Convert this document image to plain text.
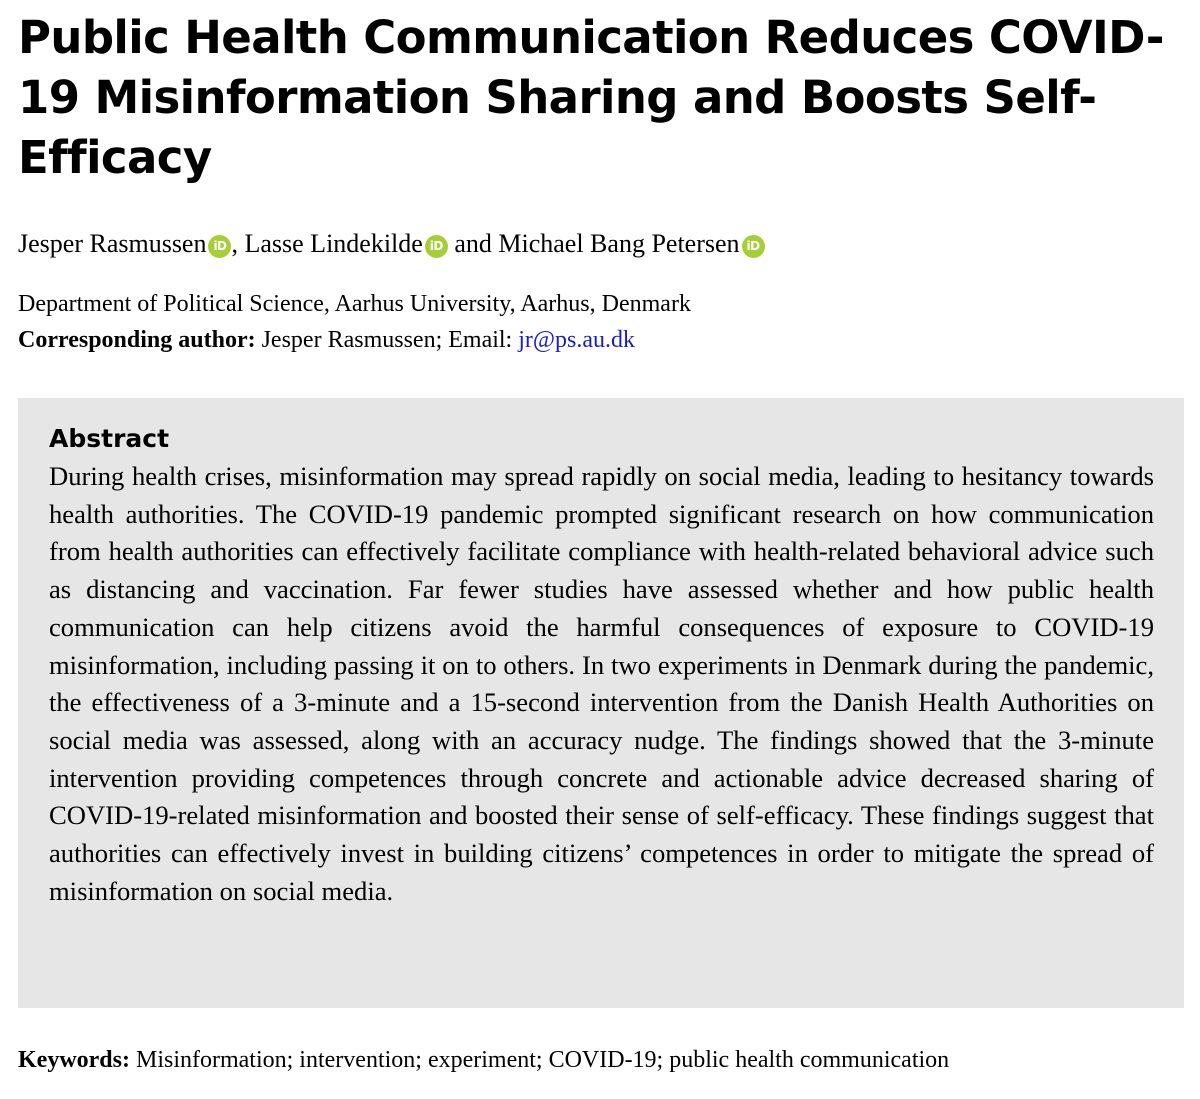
Public Health Communication Reduces COVID-19 Misinformation Sharing and Boosts Self-Efficacy
Jesper Rasmussen iD , Lasse Lindekilde iD and Michael Bang Petersen iD
Department of Political Science, Aarhus University, Aarhus, Denmark
Corresponding author: Jesper Rasmussen; Email: jr@ps.au.dk
Abstract

During health crises, misinformation may spread rapidly on social media, leading to hesitancy towards health authorities. The COVID-19 pandemic prompted significant research on how communication from health authorities can effectively facilitate compliance with health-related behavioral advice such as distancing and vaccination. Far fewer studies have assessed whether and how public health communication can help citizens avoid the harmful consequences of exposure to COVID-19 misinformation, including passing it on to others. In two experiments in Denmark during the pandemic, the effectiveness of a 3-minute and a 15-second intervention from the Danish Health Authorities on social media was assessed, along with an accuracy nudge. The findings showed that the 3-minute intervention providing competences through concrete and actionable advice decreased sharing of COVID-19-related misinformation and boosted their sense of self-efficacy. These findings suggest that authorities can effectively invest in building citizens’ competences in order to mitigate the spread of misinformation on social media.

Keywords: Misinformation; intervention; experiment; COVID-19; public health communication
